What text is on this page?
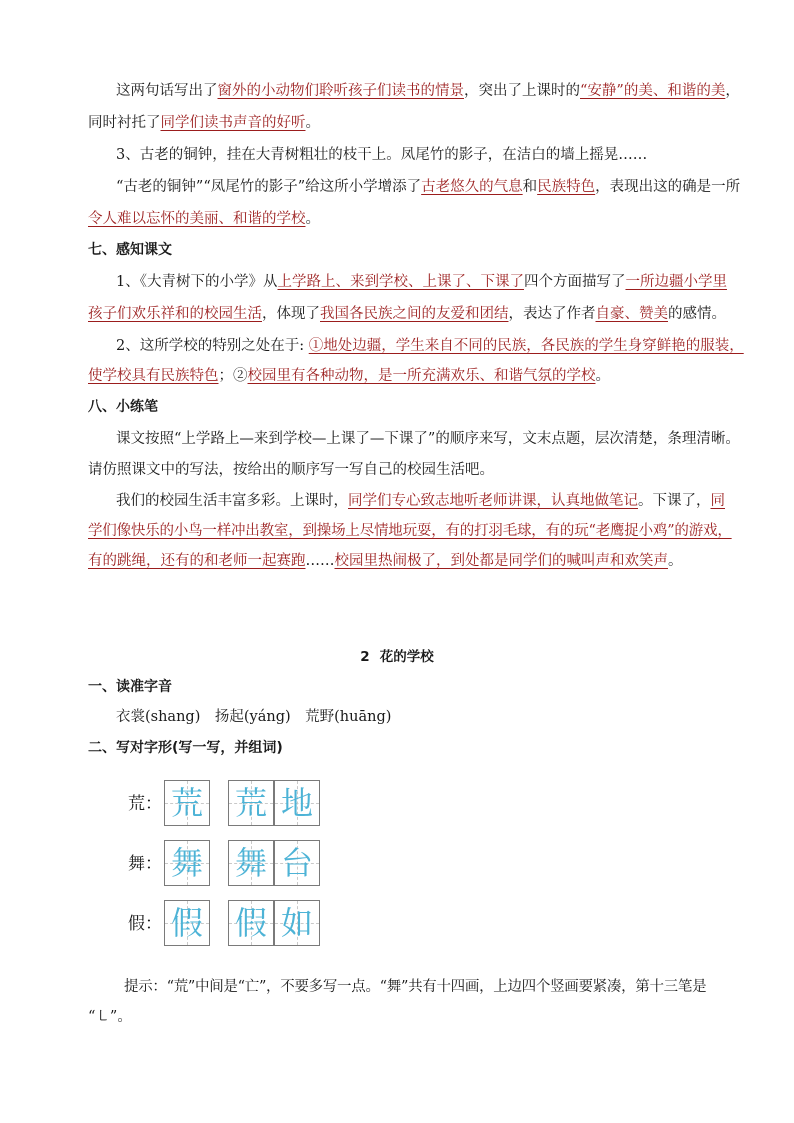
这两句话写出了窗外的小动物们聆听孩子们读书的情景，突出了上课时的“安静”的美、和谐的美，
同时衬托了同学们读书声音的好听。
3、古老的铜钟，挂在大青树粗壮的枝干上。凤尾竹的影子，在洁白的墙上摇晃……
“古老的铜钟”“凤尾竹的影子”给这所小学增添了古老悠久的气息和民族特色，表现出这的确是一所
令人难以忘怀的美丽、和谐的学校。
七、感知课文
1、《大青树下的小学》从上学路上、来到学校、上课了、下课了四个方面描写了一所边疆小学里
孩子们欢乐祥和的校园生活，体现了我国各民族之间的友爱和团结，表达了作者自豪、赞美的感情。
2、这所学校的特别之处在于: ①地处边疆，学生来自不同的民族，各民族的学生身穿鲜艳的服装，
使学校具有民族特色；②校园里有各种动物，是一所充满欢乐、和谐气氛的学校。
八、小练笔
课文按照“上学路上—来到学校—上课了—下课了”的顺序来写，文末点题，层次清楚，条理清晰。
请仿照课文中的写法，按给出的顺序写一写自己的校园生活吧。
我们的校园生活丰富多彩。上课时，同学们专心致志地听老师讲课，认真地做笔记。下课了，同
学们像快乐的小鸟一样冲出教室，到操场上尽情地玩耍，有的打羽毛球，有的玩“老鹰捉小鸡”的游戏，
有的跳绳，还有的和老师一起赛跑……校园里热闹极了，到处都是同学们的喊叫声和欢笑声。
2 花的学校
一、读准字音
衣裳(shang)　扬起(yáng)　荒野(huāng)
二、写对字形(写一写，并组词)
荒： 荒 荒 地
舞： 舞 舞 台
假： 假 假 如
提示：“荒”中间是“亡”，不要多写一点。“舞”共有十四画，上边四个竖画要紧凑，第十三笔是
“㇄”。
